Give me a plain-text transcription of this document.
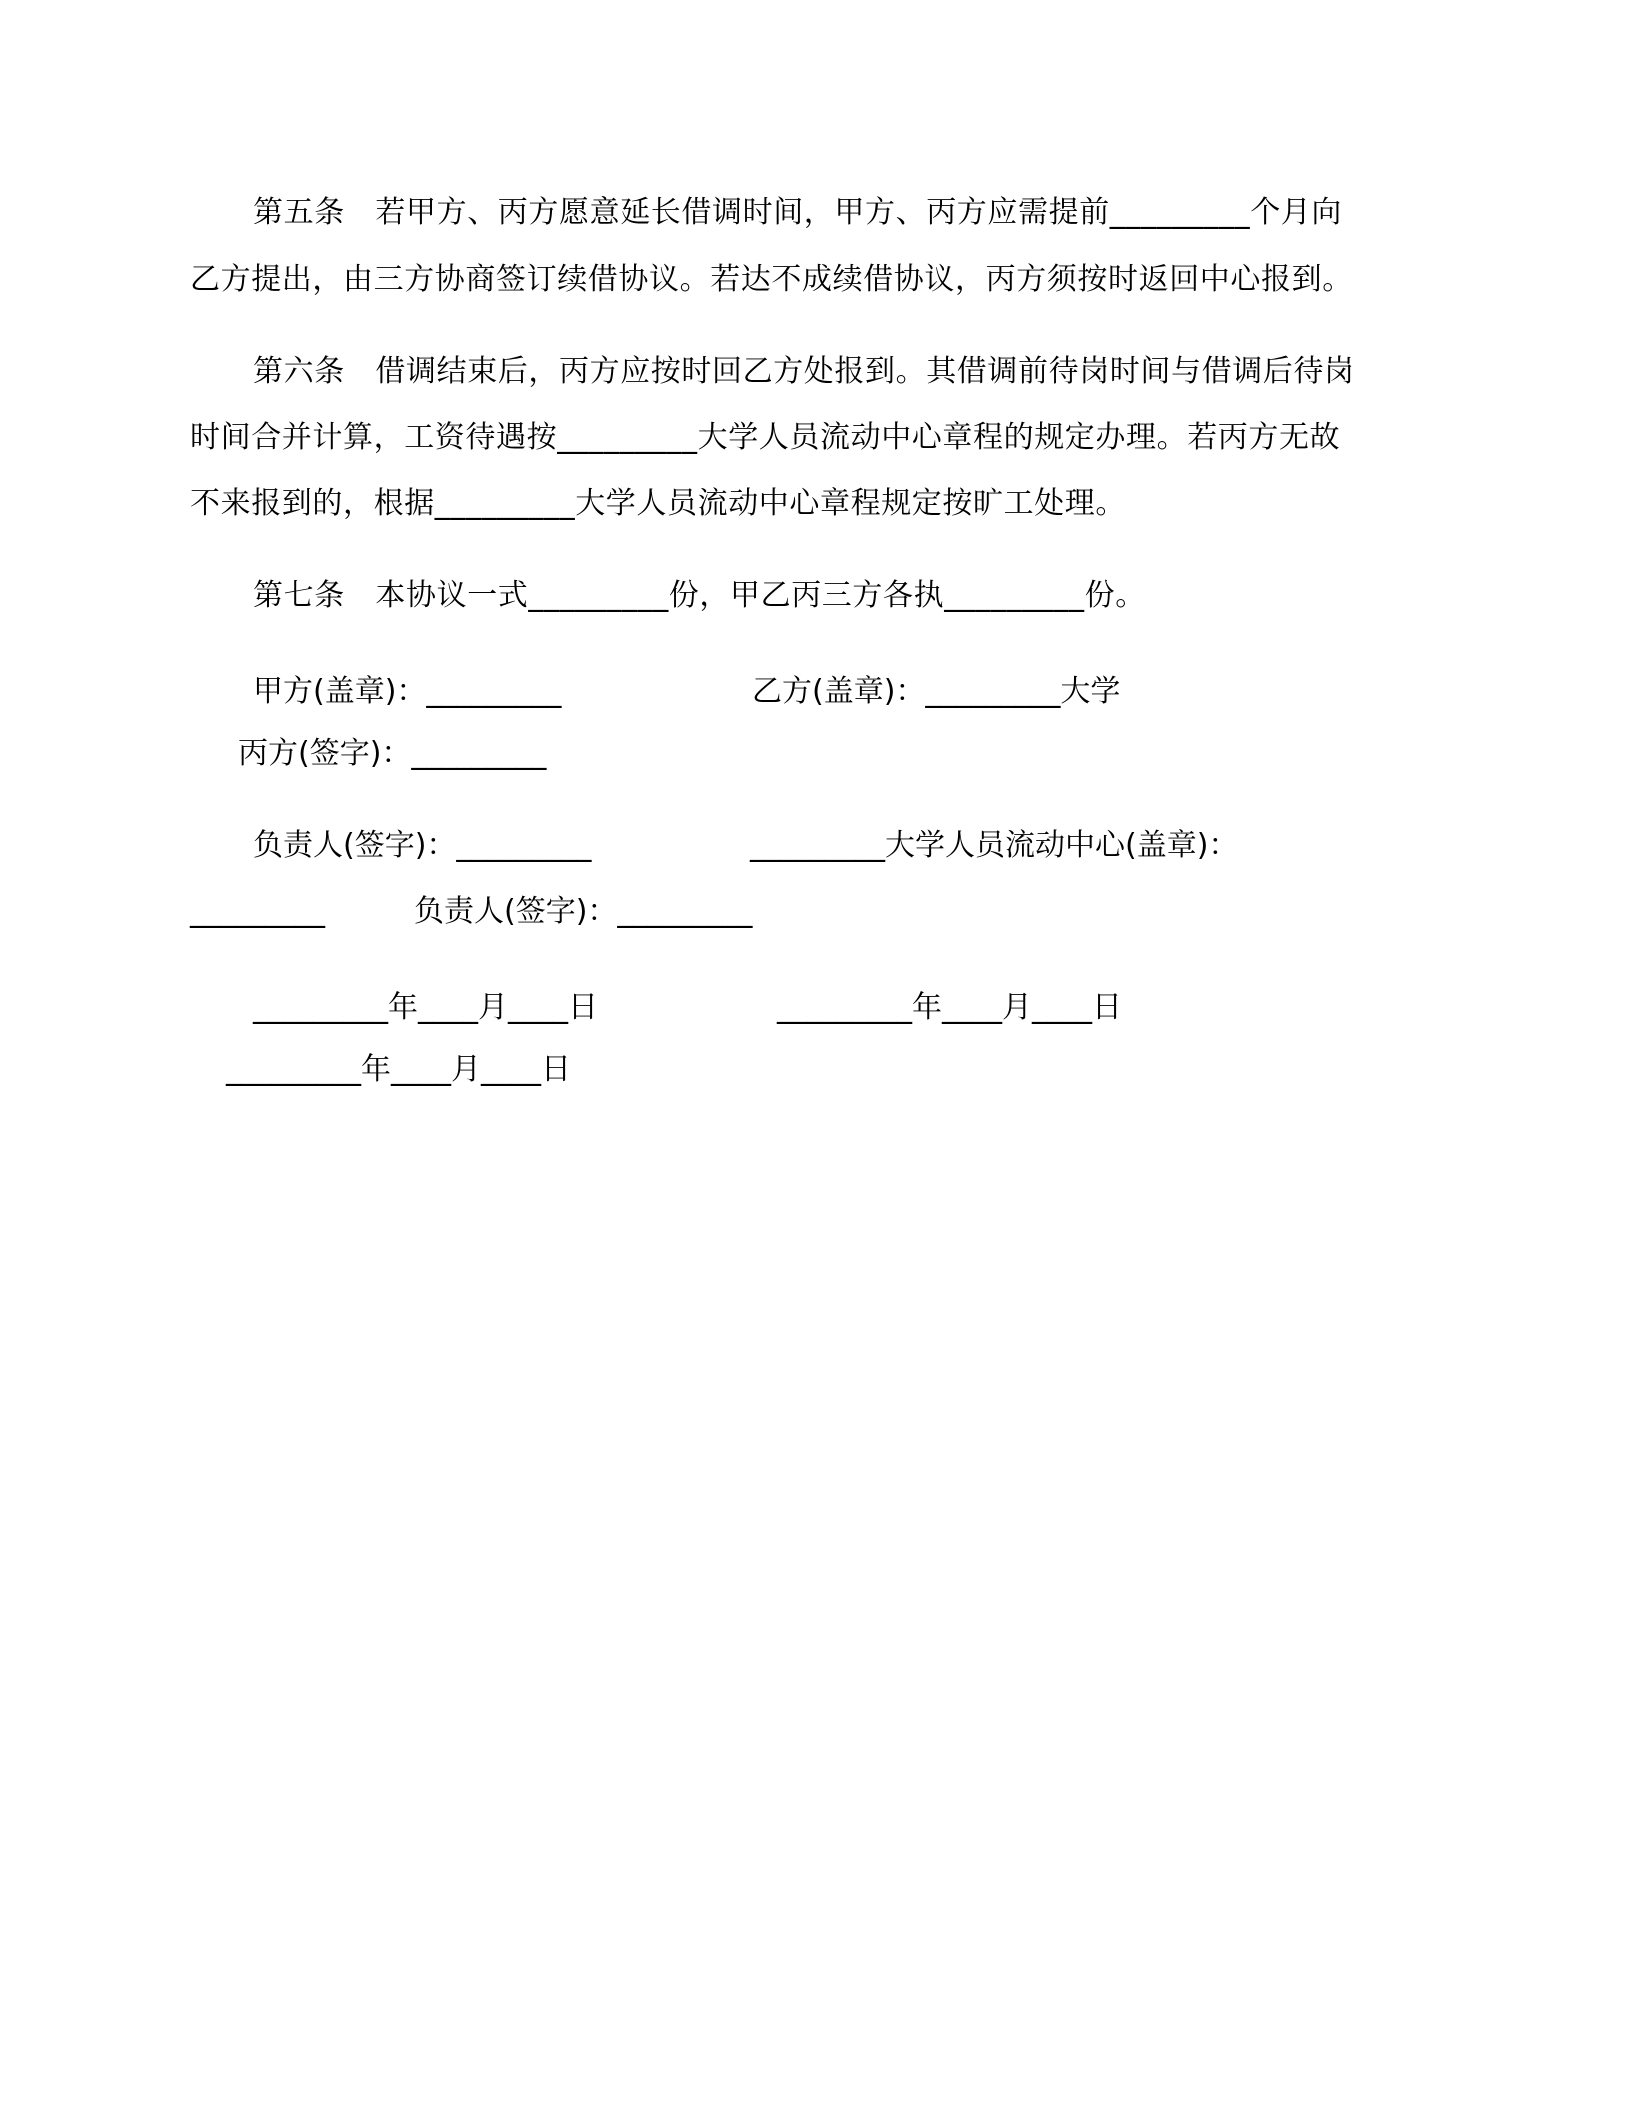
第五条　若甲方、丙方愿意延长借调时间，甲方、丙方应需提前_________个月向
乙方提出，由三方协商签订续借协议。若达不成续借协议，丙方须按时返回中心报到。
第六条　借调结束后，丙方应按时回乙方处报到。其借调前待岗时间与借调后待岗
时间合并计算，工资待遇按_________大学人员流动中心章程的规定办理。若丙方无故
不来报到的，根据_________大学人员流动中心章程规定按旷工处理。
第七条　本协议一式_________份，甲乙丙三方各执_________份。
甲方(盖章)：_________	乙方(盖章)：_________大学
丙方(签字)：_________
负责人(签字)：_________	_________大学人员流动中心(盖章)：
_________	负责人(签字)：_________
_________年____月____日	_________年____月____日
_________年____月____日
